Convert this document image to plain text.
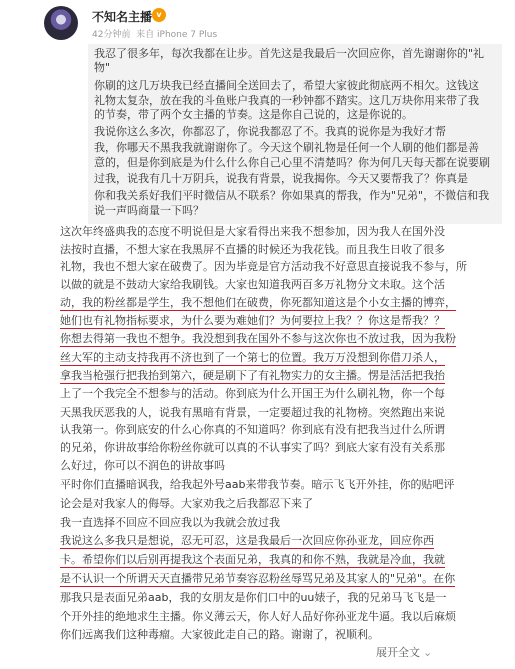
不知名主播 v
42分钟前  来自 iPhone 7 Plus
我忍了很多年，每次我都在让步。首先这是我最后一次回应你，首先谢谢你的"礼
物"
你刷的这几万块我已经直播间全送回去了，希望大家彼此彻底两不相欠。这钱这
礼物太复杂，放在我的斗鱼账户我真的一秒钟都不踏实。这几万块你用来带了我
的节奏，带了两个女主播的节奏。这是你自己说的，这是你说的。
我说你这么多次，你都忍了，你说我都忍了不。我真的说你是为我好才帮
我，你哪天不黑我我就谢谢你了。今天这个刷礼物是任何一个人刷的他们都是善
意的，但是你到底是为什么什么你自己心里不清楚吗？你为何几天每天都在说要刷
过我，说我有几十万阴兵，说我有背景，说我揭你。今天又要帮我了？你真是
你和我关系好我们平时微信从不联系？你如果真的帮我，作为"兄弟"，不微信和我
说一声吗商量一下吗？
这次年终盛典我的态度不明说但是大家看得出来我不想参加，因为我人在国外没
法按时直播，不想大家在我黑屏不直播的时候还为我花钱。而且我生日收了很多
礼物，我也不想大家在破费了。因为毕竟是官方活动我不好意思直接说我不参与，所
以做的就是不鼓动大家给我刷钱。大家也知道我两百多万礼物分文未取。这个活
动，我的粉丝都是学生，我不想他们在破费，你死都知道这是个小女主播的博弈，
她们也有礼物指标要求，为什么要为难她们？为何要拉上我？？你这是帮我？？
你想去得第一我也不想争。我没想到我在国外不参与这次你也不放过我，因为我粉
丝大军的主动支持我再不济也到了一个第七的位置。我万万没想到你借刀杀人，
拿我当枪强行把我抬到第六，硬是刷下了有礼物实力的女主播。愣是活活把我抬
上了一个我完全不想参与的活动。你到底为什么开国王为什么刷礼物，你一个每
天黑我厌恶我的人，说我有黑暗有背景，一定要超过我的礼物榜。突然跑出来说
认我第一。你到底安的什么心你真的不知道吗？你到底有没有把我当过什么所谓
的兄弟，你讲故事给你粉丝你就可以真的不认事实了吗？到底大家有没有关系那
么好过，你可以不润色的讲故事吗
平时你们直播暗讽我，给我起外号aab来带我节奏。暗示飞飞开外挂，你的贴吧评
论会是对我家人的侮辱。大家劝我之后我都忍下来了
我一直选择不回应不回应我以为我就会放过我
我说这么多我只是想说，忍无可忍，这是我最后一次回应你孙亚龙，回应你西
卡。希望你们以后别再提我这个表面兄弟，我真的和你不熟，我就是冷血，我就
是不认识一个所谓天天直播带兄弟节奏容忍粉丝辱骂兄弟及其家人的"兄弟"。在你
那我只是表面兄弟aab，我的女朋友是你们口中的uu婊子，我的兄弟马飞飞是一
个开外挂的绝地求生主播。你义薄云天，你人好人品好你孙亚龙牛逼。我以后麻烦
你们远离我们这种毒瘤。大家彼此走自己的路。谢谢了，祝顺利。
展开全文 ⌄
